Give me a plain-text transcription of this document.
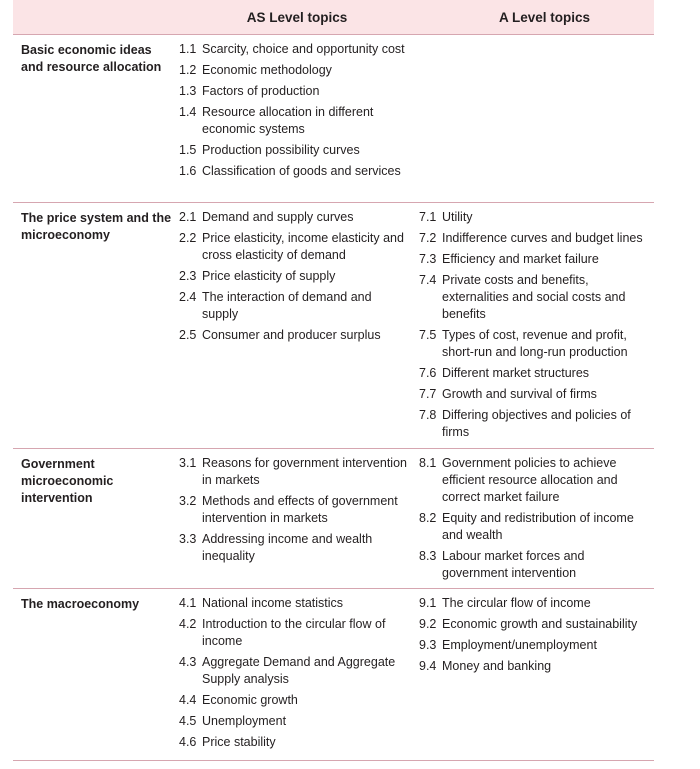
AS Level topics	A Level topics
Basic economic ideas and resource allocation
1.1 Scarcity, choice and opportunity cost
1.2 Economic methodology
1.3 Factors of production
1.4 Resource allocation in different economic systems
1.5 Production possibility curves
1.6 Classification of goods and services
The price system and the microeconomy
2.1 Demand and supply curves
2.2 Price elasticity, income elasticity and cross elasticity of demand
2.3 Price elasticity of supply
2.4 The interaction of demand and supply
2.5 Consumer and producer surplus
7.1 Utility
7.2 Indifference curves and budget lines
7.3 Efficiency and market failure
7.4 Private costs and benefits, externalities and social costs and benefits
7.5 Types of cost, revenue and profit, short-run and long-run production
7.6 Different market structures
7.7 Growth and survival of firms
7.8 Differing objectives and policies of firms
Government microeconomic intervention
3.1 Reasons for government intervention in markets
3.2 Methods and effects of government intervention in markets
3.3 Addressing income and wealth inequality
8.1 Government policies to achieve efficient resource allocation and correct market failure
8.2 Equity and redistribution of income and wealth
8.3 Labour market forces and government intervention
The macroeconomy	4.1 National income statistics
4.2 Introduction to the circular flow of income
4.3 Aggregate Demand and Aggregate Supply analysis
4.4 Economic growth
4.5 Unemployment
4.6 Price stability
9.1 The circular flow of income
9.2 Economic growth and sustainability
9.3 Employment/unemployment
9.4 Money and banking
